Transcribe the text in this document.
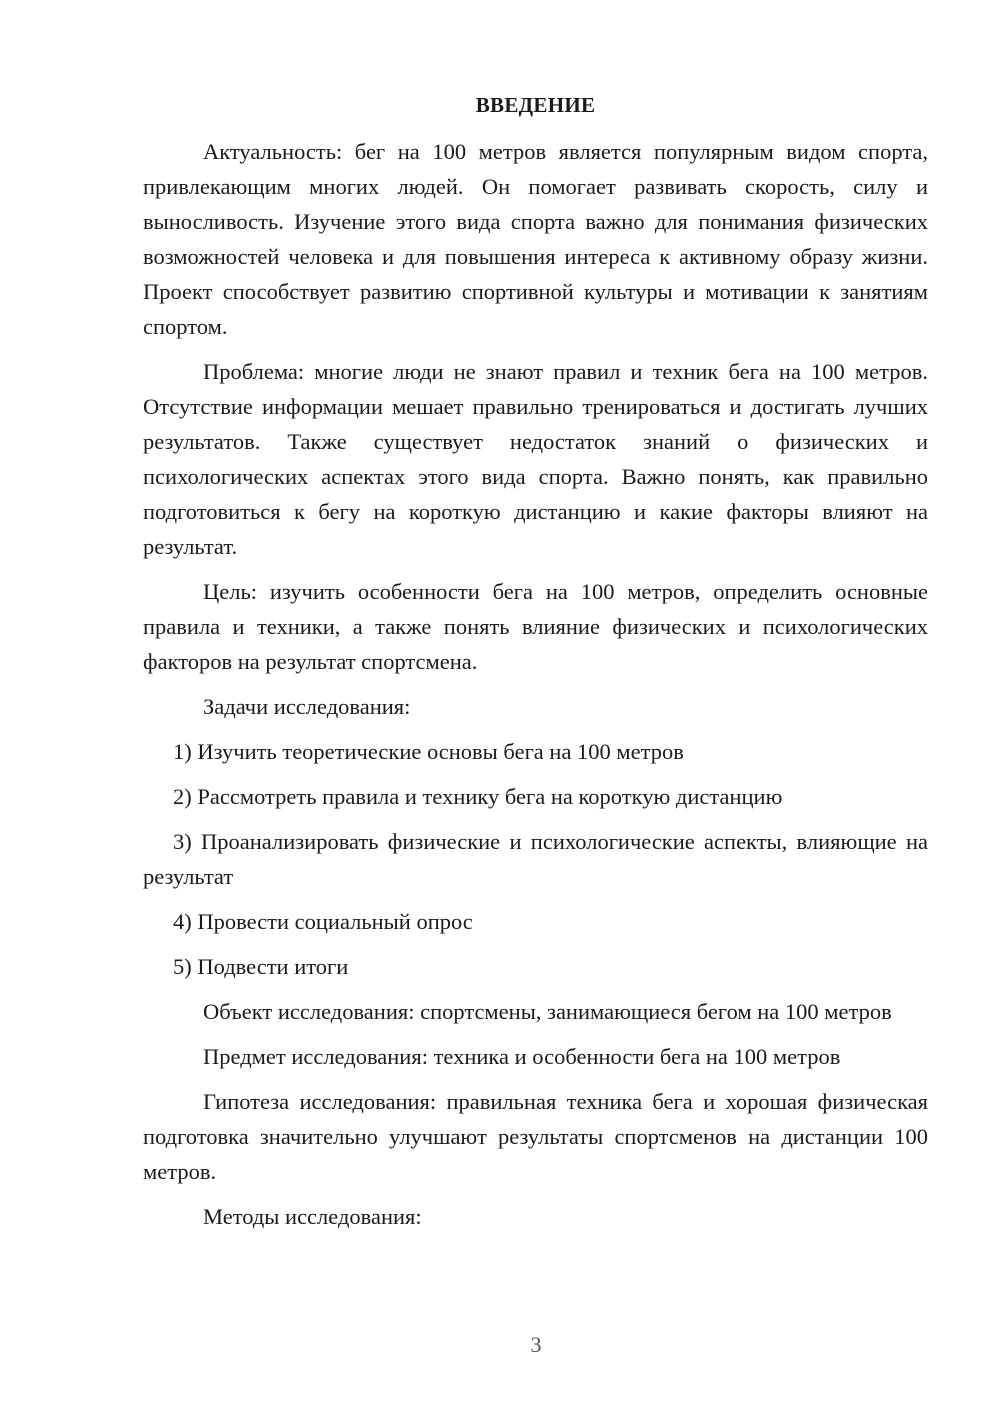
ВВЕДЕНИЕ

Актуальность: бег на 100 метров является популярным видом спорта, привлекающим многих людей. Он помогает развивать скорость, силу и выносливость. Изучение этого вида спорта важно для понимания физических возможностей человека и для повышения интереса к активному образу жизни. Проект способствует развитию спортивной культуры и мотивации к занятиям спортом.

Проблема: многие люди не знают правил и техник бега на 100 метров. Отсутствие информации мешает правильно тренироваться и достигать лучших результатов. Также существует недостаток знаний о физических и психологических аспектах этого вида спорта. Важно понять, как правильно подготовиться к бегу на короткую дистанцию и какие факторы влияют на результат.

Цель: изучить особенности бега на 100 метров, определить основные правила и техники, а также понять влияние физических и психологических факторов на результат спортсмена.

Задачи исследования:

1) Изучить теоретические основы бега на 100 метров

2) Рассмотреть правила и технику бега на короткую дистанцию

3) Проанализировать физические и психологические аспекты, влияющие на результат

4) Провести социальный опрос

5) Подвести итоги

Объект исследования: спортсмены, занимающиеся бегом на 100 метров

Предмет исследования: техника и особенности бега на 100 метров

Гипотеза исследования: правильная техника бега и хорошая физическая подготовка значительно улучшают результаты спортсменов на дистанции 100 метров.

Методы исследования:

3
